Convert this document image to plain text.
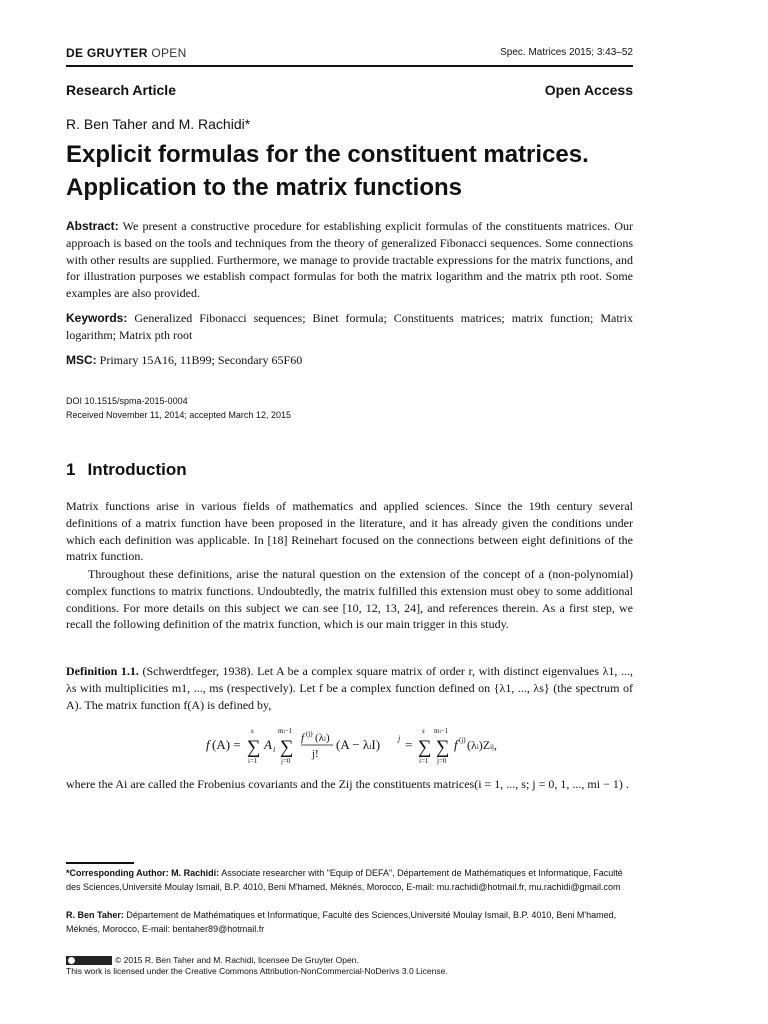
DE GRUYTER OPEN	Spec. Matrices 2015; 3:43–52
Research Article	Open Access
R. Ben Taher and M. Rachidi*
Explicit formulas for the constituent matrices.
Application to the matrix functions
Abstract: We present a constructive procedure for establishing explicit formulas of the constituents matrices. Our approach is based on the tools and techniques from the theory of generalized Fibonacci sequences. Some connections with other results are supplied. Furthermore, we manage to provide tractable expressions for the matrix functions, and for illustration purposes we establish compact formulas for both the matrix logarithm and the matrix pth root. Some examples are also provided.
Keywords: Generalized Fibonacci sequences; Binet formula; Constituents matrices; matrix function; Matrix logarithm; Matrix pth root
MSC: Primary 15A16, 11B99; Secondary 65F60
DOI 10.1515/spma-2015-0004
Received November 11, 2014; accepted March 12, 2015
1 Introduction
Matrix functions arise in various fields of mathematics and applied sciences. Since the 19th century several definitions of a matrix function have been proposed in the literature, and it has already given the conditions under which each definition was applicable. In [18] Reinehart focused on the connections between eight definitions of the matrix function.
Throughout these definitions, arise the natural question on the extension of the concept of a (non-polynomial) complex functions to matrix functions. Undoubtedly, the matrix fulfilled this extension must obey to some additional conditions. For more details on this subject we can see [10, 12, 13, 24], and references therein. As a first step, we recall the following definition of the matrix function, which is our main trigger in this study.
Definition 1.1. (Schwerdtfeger, 1938). Let A be a complex square matrix of order r, with distinct eigenvalues λ1, ..., λs with multiplicities m1, ..., ms (respectively). Let f be a complex function defined on {λ1, ..., λs} (the spectrum of A). The matrix function f(A) is defined by,
f (A) = ∑
s
i=1
A i ∑
mi−1
j=0
f (j) (λi)
j!
(A − λiI) j = ∑
s
i=1
∑
mi−1
j=0
f (j) (λi)Zij,
where the Ai are called the Frobenius covariants and the Zij the constituents matrices(i = 1, ..., s; j = 0, 1, ..., mi − 1) .
*Corresponding Author: M. Rachidi: Associate researcher with "Equip of DEFA", Département de Mathématiques et Informatique, Faculté des Sciences,Université Moulay Ismail, B.P. 4010, Beni M'hamed, Méknés, Morocco, E-mail: mu.rachidi@hotmail.fr, mu.rachidi@gmail.com
R. Ben Taher: Département de Mathématiques et Informatique, Faculté des Sciences,Université Moulay Ismail, B.P. 4010, Beni M'hamed, Méknés, Morocco, E-mail: bentaher89@hotmail.fr
© 2015 R. Ben Taher and M. Rachidi, licensee De Gruyter Open.
This work is licensed under the Creative Commons Attribution-NonCommercial-NoDerivs 3.0 License.
